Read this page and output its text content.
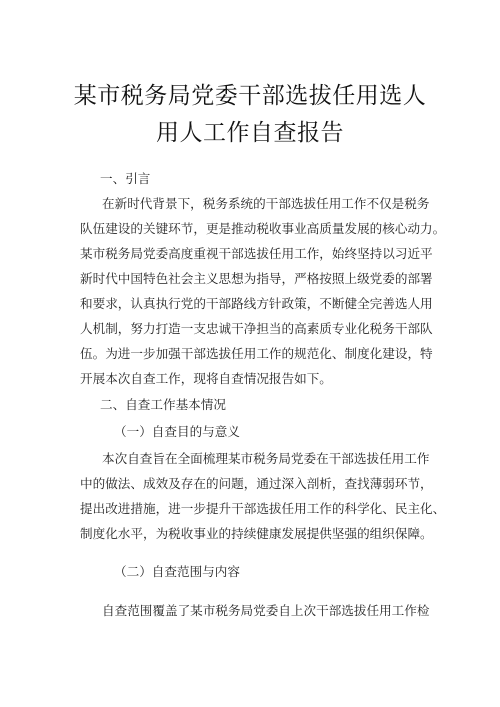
某市税务局党委干部选拔任用选人
用人工作自查报告
一、引言
在新时代背景下，税务系统的干部选拔任用工作不仅是税务
队伍建设的关键环节，更是推动税收事业高质量发展的核心动力。
某市税务局党委高度重视干部选拔任用工作，始终坚持以习近平
新时代中国特色社会主义思想为指导，严格按照上级党委的部署
和要求，认真执行党的干部路线方针政策，不断健全完善选人用
人机制，努力打造一支忠诚干净担当的高素质专业化税务干部队
伍。为进一步加强干部选拔任用工作的规范化、制度化建设，特
开展本次自查工作，现将自查情况报告如下。
二、自查工作基本情况
（一）自查目的与意义
本次自查旨在全面梳理某市税务局党委在干部选拔任用工作
中的做法、成效及存在的问题，通过深入剖析，查找薄弱环节，
提出改进措施，进一步提升干部选拔任用工作的科学化、民主化、
制度化水平，为税收事业的持续健康发展提供坚强的组织保障。
（二）自查范围与内容
自查范围覆盖了某市税务局党委自上次干部选拔任用工作检
